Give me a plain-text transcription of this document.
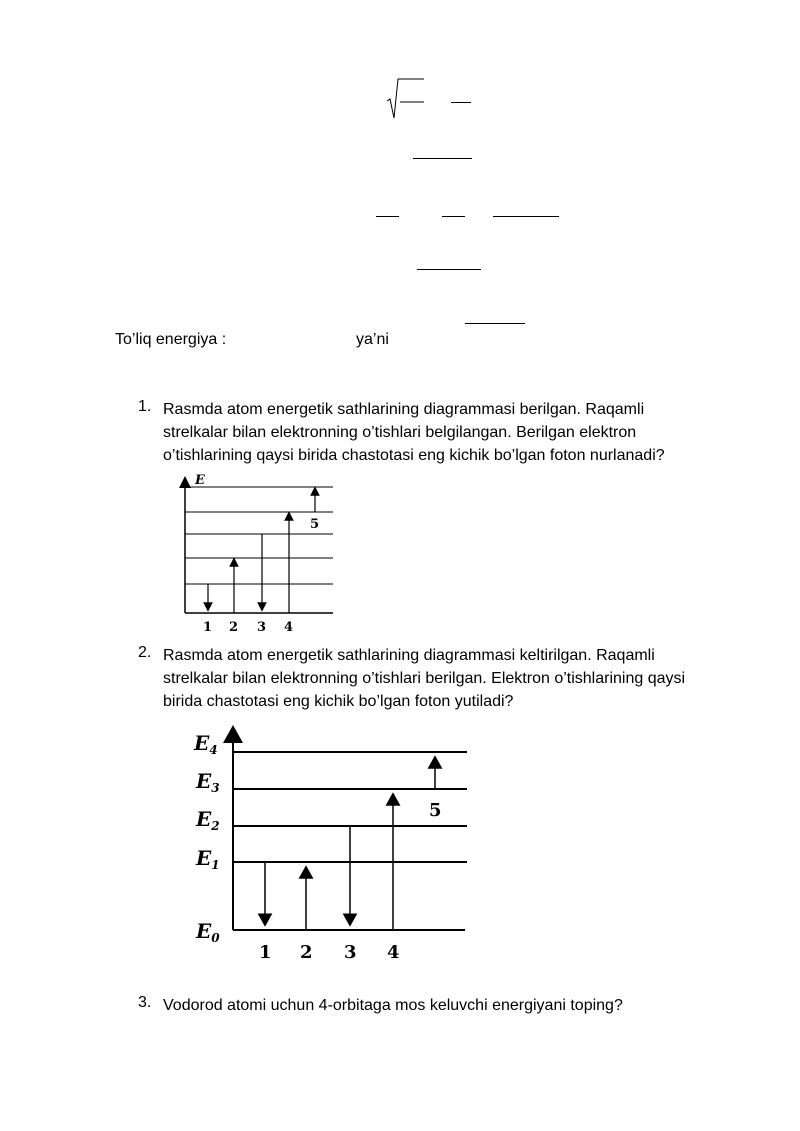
To’liq energiya :	ya’ni
1. Rasmda atom energetik sathlarining diagrammasi berilgan. Raqamli
strelkalar bilan elektronning o’tishlari belgilangan. Berilgan elektron
o’tishlarining qaysi birida chastotasi eng kichik bo’lgan foton nurlanadi?
E
1 2 3 4
5
2. Rasmda atom energetik sathlarining diagrammasi keltirilgan. Raqamli
strelkalar bilan elektronning o’tishlari berilgan. Elektron o’tishlarining qaysi
birida chastotasi eng kichik bo’lgan foton yutiladi?
$E_4$
$E_3$
$E_2$
$E_1$
$E_0$
1 2 3 4
5
3. Vodorod atomi uchun 4-orbitaga mos keluvchi energiyani toping?
